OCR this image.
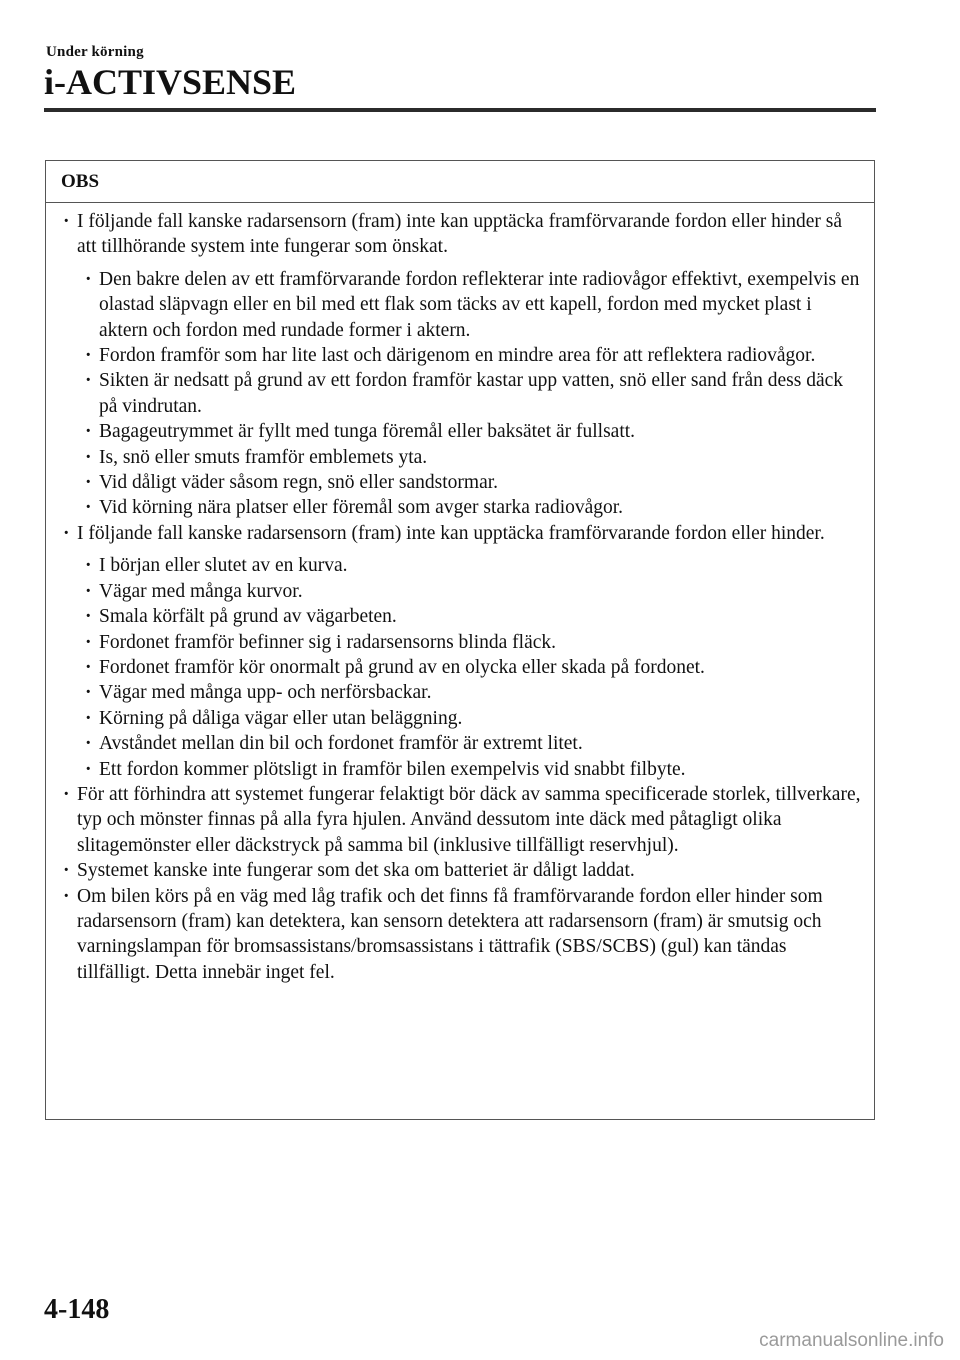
Under körning
i-ACTIVSENSE
OBS
· I följande fall kanske radarsensorn (fram) inte kan upptäcka framförvarande fordon eller hinder så att tillhörande system inte fungerar som önskat.
· Den bakre delen av ett framförvarande fordon reflekterar inte radiovågor effektivt, exempelvis en olastad släpvagn eller en bil med ett flak som täcks av ett kapell, fordon med mycket plast i aktern och fordon med rundade former i aktern.
· Fordon framför som har lite last och därigenom en mindre area för att reflektera radiovågor.
· Sikten är nedsatt på grund av ett fordon framför kastar upp vatten, snö eller sand från dess däck på vindrutan.
· Bagageutrymmet är fyllt med tunga föremål eller baksätet är fullsatt.
· Is, snö eller smuts framför emblemets yta.
· Vid dåligt väder såsom regn, snö eller sandstormar.
· Vid körning nära platser eller föremål som avger starka radiovågor.
· I följande fall kanske radarsensorn (fram) inte kan upptäcka framförvarande fordon eller hinder.
· I början eller slutet av en kurva.
· Vägar med många kurvor.
· Smala körfält på grund av vägarbeten.
· Fordonet framför befinner sig i radarsensorns blinda fläck.
· Fordonet framför kör onormalt på grund av en olycka eller skada på fordonet.
· Vägar med många upp- och nerförsbackar.
· Körning på dåliga vägar eller utan beläggning.
· Avståndet mellan din bil och fordonet framför är extremt litet.
· Ett fordon kommer plötsligt in framför bilen exempelvis vid snabbt filbyte.
· För att förhindra att systemet fungerar felaktigt bör däck av samma specificerade storlek, tillverkare, typ och mönster finnas på alla fyra hjulen. Använd dessutom inte däck med påtagligt olika slitagemönster eller däckstryck på samma bil (inklusive tillfälligt reservhjul).
· Systemet kanske inte fungerar som det ska om batteriet är dåligt laddat.
· Om bilen körs på en väg med låg trafik och det finns få framförvarande fordon eller hinder som radarsensorn (fram) kan detektera, kan sensorn detektera att radarsensorn (fram) är smutsig och varningslampan för bromsassistans/bromsassistans i tättrafik (SBS/SCBS) (gul) kan tändas tillfälligt. Detta innebär inget fel.
4-148
carmanualsonline.info
